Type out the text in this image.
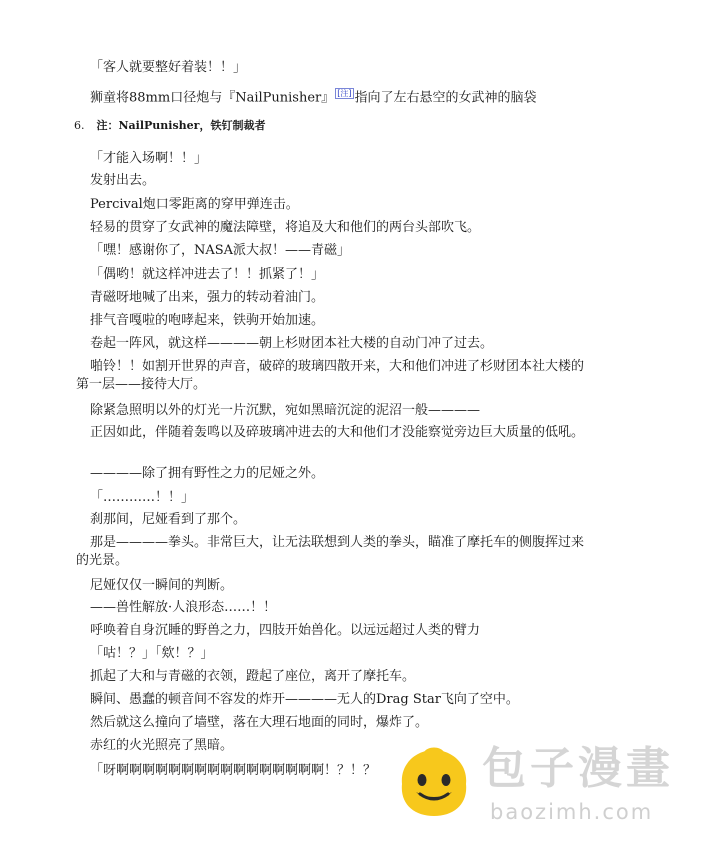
「客人就要整好着装！！」
狮童将88mm口径炮与『NailPunisher』 [注] 指向了左右悬空的女武神的脑袋
6. 注：NailPunisher，铁钉制裁者
「才能入场啊！！」
发射出去。
Percival炮口零距离的穿甲弹连击。
轻易的贯穿了女武神的魔法障壁，将追及大和他们的两台头部吹飞。
「嘿！感谢你了，NASA派大叔！——青磁」
「偶哟！就这样冲进去了！！抓紧了！」
青磁呀地喊了出来，强力的转动着油门。
排气音嘎啦的咆哮起来，铁驹开始加速。
卷起一阵风，就这样————朝上杉财团本社大楼的自动门冲了过去。
啪铃！！如割开世界的声音，破碎的玻璃四散开来，大和他们冲进了杉财团本社大楼的第一层——接待大厅。
除紧急照明以外的灯光一片沉默，宛如黑暗沉淀的泥沼一般————
正因如此，伴随着轰鸣以及碎玻璃冲进去的大和他们才没能察觉旁边巨大质量的低吼。
————除了拥有野性之力的尼娅之外。
「…………！！」
刹那间，尼娅看到了那个。
那是————拳头。非常巨大，让无法联想到人类的拳头，瞄准了摩托车的侧腹挥过来的光景。
尼娅仅仅一瞬间的判断。
——兽性解放·人浪形态……！！
呼唤着自身沉睡的野兽之力，四肢开始兽化。以远远超过人类的臂力
「咕！？」「欸！？」
抓起了大和与青磁的衣领，蹬起了座位，离开了摩托车。
瞬间、愚蠢的顿音间不容发的炸开————无人的Drag Star飞向了空中。
然后就这么撞向了墙壁，落在大理石地面的同时，爆炸了。
赤红的火光照亮了黑暗。
「呀啊啊啊啊啊啊啊啊啊啊啊啊啊啊啊啊！？！？	包子漫畫
baozimh.com
